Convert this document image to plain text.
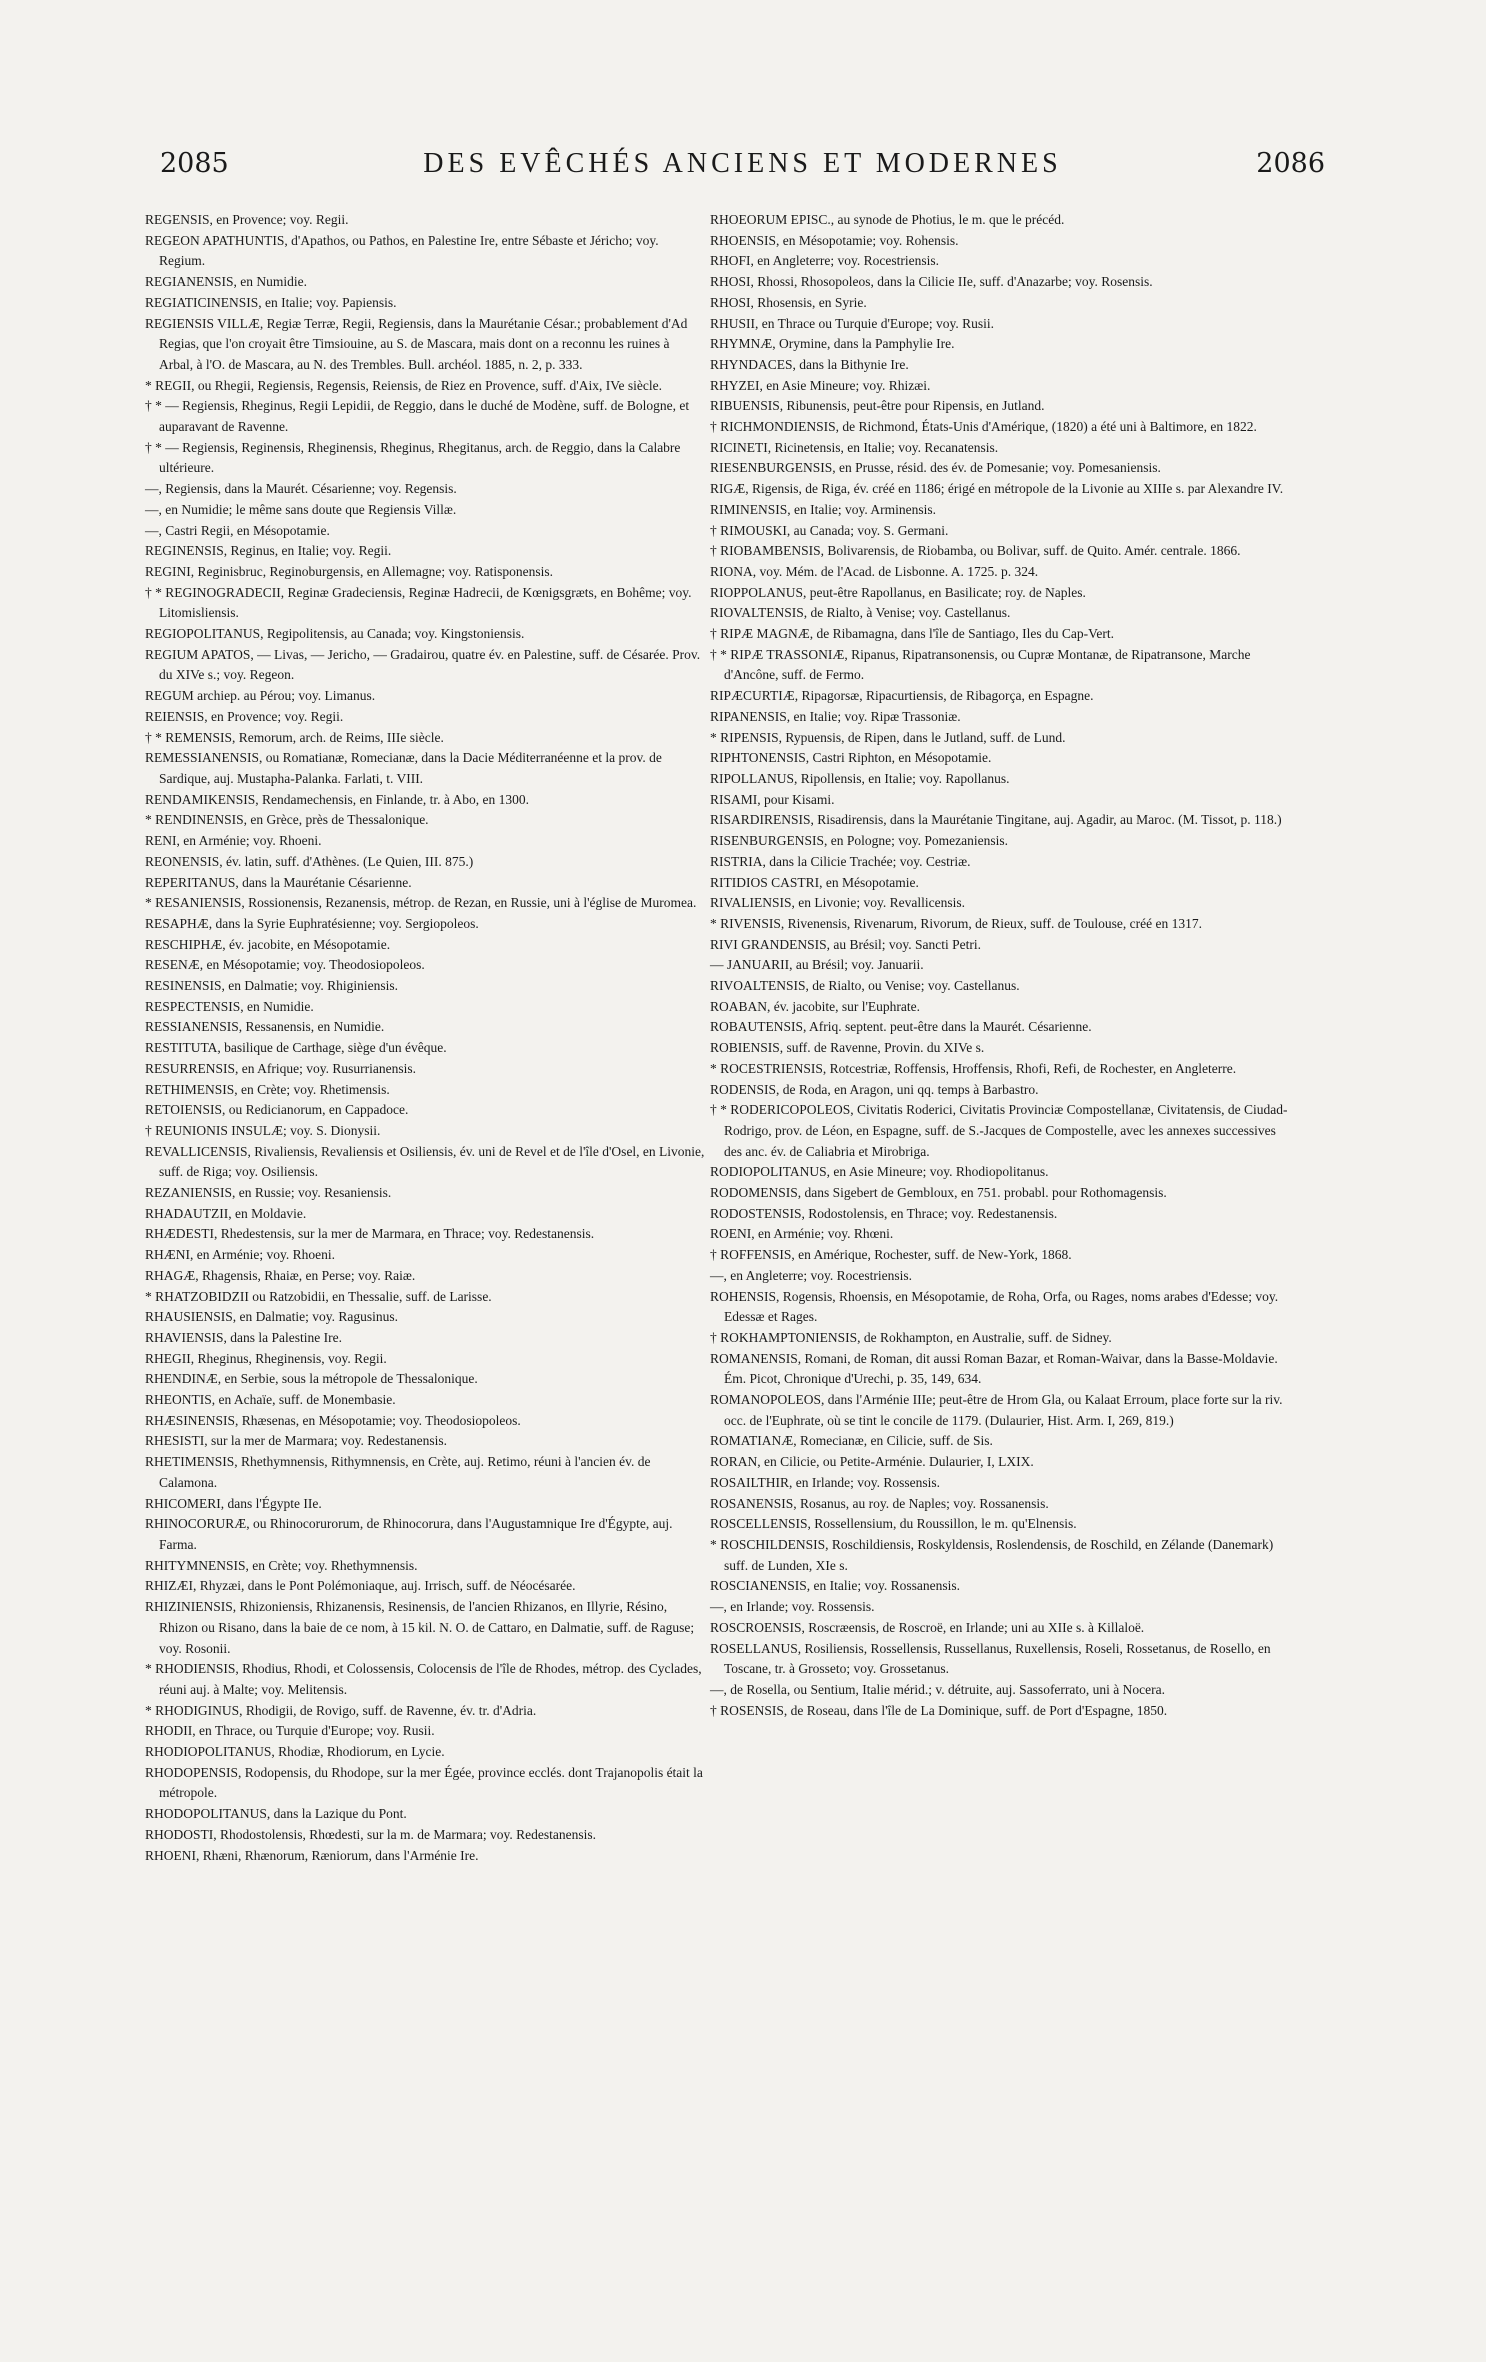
2085	DES EVÊCHÉS ANCIENS ET MODERNES	2086

REGENSIS, en Provence; voy. Regii.

REGEON APATHUNTIS, d'Apathos, ou Pathos, en Palestine Ire, entre Sébaste et Jéricho; voy. Regium.

REGIANENSIS, en Numidie.

REGIATICINENSIS, en Italie; voy. Papiensis.

REGIENSIS VILLÆ, Regiæ Terræ, Regii, Regiensis, dans la Maurétanie César.; probablement d'Ad Regias, que l'on croyait être Timsiouine, au S. de Mascara, mais dont on a reconnu les ruines à Arbal, à l'O. de Mascara, au N. des Trembles. Bull. archéol. 1885, n. 2, p. 333.

* REGII, ou Rhegii, Regiensis, Regensis, Reiensis, de Riez en Provence, suff. d'Aix, IVe siècle.

† * — Regiensis, Rheginus, Regii Lepidii, de Reggio, dans le duché de Modène, suff. de Bologne, et auparavant de Ravenne.

† * — Regiensis, Reginensis, Rheginensis, Rheginus, Rhegitanus, arch. de Reggio, dans la Calabre ultérieure.

—, Regiensis, dans la Maurét. Césarienne; voy. Regensis.

—, en Numidie; le même sans doute que Regiensis Villæ.

—, Castri Regii, en Mésopotamie.

REGINENSIS, Reginus, en Italie; voy. Regii.

REGINI, Reginisbruc, Reginoburgensis, en Allemagne; voy. Ratisponensis.

† * REGINOGRADECII, Reginæ Gradeciensis, Reginæ Hadrecii, de Kœnigsgræts, en Bohême; voy. Litomisliensis.

REGIOPOLITANUS, Regipolitensis, au Canada; voy. Kingstoniensis.

REGIUM APATOS, — Livas, — Jericho, — Gradairou, quatre év. en Palestine, suff. de Césarée. Prov. du XIVe s.; voy. Regeon.

REGUM archiep. au Pérou; voy. Limanus.

REIENSIS, en Provence; voy. Regii.

† * REMENSIS, Remorum, arch. de Reims, IIIe siècle.

REMESSIANENSIS, ou Romatianæ, Romecianæ, dans la Dacie Méditerranéenne et la prov. de Sardique, auj. Mustapha-Palanka. Farlati, t. VIII.

RENDAMIKENSIS, Rendamechensis, en Finlande, tr. à Abo, en 1300.

* RENDINENSIS, en Grèce, près de Thessalonique.

RENI, en Arménie; voy. Rhoeni.

REONENSIS, év. latin, suff. d'Athènes. (Le Quien, III. 875.)

REPERITANUS, dans la Maurétanie Césarienne.

* RESANIENSIS, Rossionensis, Rezanensis, métrop. de Rezan, en Russie, uni à l'église de Muromea.

RESAPHÆ, dans la Syrie Euphratésienne; voy. Sergiopoleos.

RESCHIPHÆ, év. jacobite, en Mésopotamie.

RESENÆ, en Mésopotamie; voy. Theodosiopoleos.

RESINENSIS, en Dalmatie; voy. Rhiginiensis.

RESPECTENSIS, en Numidie.

RESSIANENSIS, Ressanensis, en Numidie.

RESTITUTA, basilique de Carthage, siège d'un évêque.

RESURRENSIS, en Afrique; voy. Rusurrianensis.

RETHIMENSIS, en Crète; voy. Rhetimensis.

RETOIENSIS, ou Redicianorum, en Cappadoce.

† REUNIONIS INSULÆ; voy. S. Dionysii.

REVALLICENSIS, Rivaliensis, Revaliensis et Osiliensis, év. uni de Revel et de l'île d'Osel, en Livonie, suff. de Riga; voy. Osiliensis.

REZANIENSIS, en Russie; voy. Resaniensis.

RHADAUTZII, en Moldavie.

RHÆDESTI, Rhedestensis, sur la mer de Marmara, en Thrace; voy. Redestanensis.

RHÆNI, en Arménie; voy. Rhoeni.

RHAGÆ, Rhagensis, Rhaiæ, en Perse; voy. Raiæ.

* RHATZOBIDZII ou Ratzobidii, en Thessalie, suff. de Larisse.

RHAUSIENSIS, en Dalmatie; voy. Ragusinus.

RHAVIENSIS, dans la Palestine Ire.

RHEGII, Rheginus, Rheginensis, voy. Regii.

RHENDINÆ, en Serbie, sous la métropole de Thessalonique.

RHEONTIS, en Achaïe, suff. de Monembasie.

RHÆSINENSIS, Rhæsenas, en Mésopotamie; voy. Theodosiopoleos.

RHESISTI, sur la mer de Marmara; voy. Redestanensis.

RHETIMENSIS, Rhethymnensis, Rithymnensis, en Crète, auj. Retimo, réuni à l'ancien év. de Calamona.

RHICOMERI, dans l'Égypte IIe.

RHINOCORURÆ, ou Rhinocorurorum, de Rhinocorura, dans l'Augustamnique Ire d'Égypte, auj. Farma.

RHITYMNENSIS, en Crète; voy. Rhethymnensis.

RHIZÆI, Rhyzæi, dans le Pont Polémoniaque, auj. Irrisch, suff. de Néocésarée.

RHIZINIENSIS, Rhizoniensis, Rhizanensis, Resinensis, de l'ancien Rhizanos, en Illyrie, Résino, Rhizon ou Risano, dans la baie de ce nom, à 15 kil. N. O. de Cattaro, en Dalmatie, suff. de Raguse; voy. Rosonii.

* RHODIENSIS, Rhodius, Rhodi, et Colossensis, Colocensis de l'île de Rhodes, métrop. des Cyclades, réuni auj. à Malte; voy. Melitensis.

* RHODIGINUS, Rhodigii, de Rovigo, suff. de Ravenne, év. tr. d'Adria.

RHODII, en Thrace, ou Turquie d'Europe; voy. Rusii.

RHODIOPOLITANUS, Rhodiæ, Rhodiorum, en Lycie.

RHODOPENSIS, Rodopensis, du Rhodope, sur la mer Égée, province ecclés. dont Trajanopolis était la métropole.

RHODOPOLITANUS, dans la Lazique du Pont.

RHODOSTI, Rhodostolensis, Rhœdesti, sur la m. de Marmara; voy. Redestanensis.

RHOENI, Rhæni, Rhænorum, Ræniorum, dans l'Arménie Ire.

RHOEORUM EPISC., au synode de Photius, le m. que le précéd.

RHOENSIS, en Mésopotamie; voy. Rohensis.

RHOFI, en Angleterre; voy. Rocestriensis.

RHOSI, Rhossi, Rhosopoleos, dans la Cilicie IIe, suff. d'Anazarbe; voy. Rosensis.

RHOSI, Rhosensis, en Syrie.

RHUSII, en Thrace ou Turquie d'Europe; voy. Rusii.

RHYMNÆ, Orymine, dans la Pamphylie Ire.

RHYNDACES, dans la Bithynie Ire.

RHYZEI, en Asie Mineure; voy. Rhizæi.

RIBUENSIS, Ribunensis, peut-être pour Ripensis, en Jutland.

† RICHMONDIENSIS, de Richmond, États-Unis d'Amérique, (1820) a été uni à Baltimore, en 1822.

RICINETI, Ricinetensis, en Italie; voy. Recanatensis.

RIESENBURGENSIS, en Prusse, résid. des év. de Pomesanie; voy. Pomesaniensis.

RIGÆ, Rigensis, de Riga, év. créé en 1186; érigé en métropole de la Livonie au XIIIe s. par Alexandre IV.

RIMINENSIS, en Italie; voy. Arminensis.

† RIMOUSKI, au Canada; voy. S. Germani.

† RIOBAMBENSIS, Bolivarensis, de Riobamba, ou Bolivar, suff. de Quito. Amér. centrale. 1866.

RIONA, voy. Mém. de l'Acad. de Lisbonne. A. 1725. p. 324.

RIOPPOLANUS, peut-être Rapollanus, en Basilicate; roy. de Naples.

RIOVALTENSIS, de Rialto, à Venise; voy. Castellanus.

† RIPÆ MAGNÆ, de Ribamagna, dans l'île de Santiago, Iles du Cap-Vert.

† * RIPÆ TRASSONIÆ, Ripanus, Ripatransonensis, ou Cupræ Montanæ, de Ripatransone, Marche d'Ancône, suff. de Fermo.

RIPÆCURTIÆ, Ripagorsæ, Ripacurtiensis, de Ribagorça, en Espagne.

RIPANENSIS, en Italie; voy. Ripæ Trassoniæ.

* RIPENSIS, Rypuensis, de Ripen, dans le Jutland, suff. de Lund.

RIPHTONENSIS, Castri Riphton, en Mésopotamie.

RIPOLLANUS, Ripollensis, en Italie; voy. Rapollanus.

RISAMI, pour Kisami.

RISARDIRENSIS, Risadirensis, dans la Maurétanie Tingitane, auj. Agadir, au Maroc. (M. Tissot, p. 118.)

RISENBURGENSIS, en Pologne; voy. Pomezaniensis.

RISTRIA, dans la Cilicie Trachée; voy. Cestriæ.

RITIDIOS CASTRI, en Mésopotamie.

RIVALIENSIS, en Livonie; voy. Revallicensis.

* RIVENSIS, Rivenensis, Rivenarum, Rivorum, de Rieux, suff. de Toulouse, créé en 1317.

RIVI GRANDENSIS, au Brésil; voy. Sancti Petri.

— JANUARII, au Brésil; voy. Januarii.

RIVOALTENSIS, de Rialto, ou Venise; voy. Castellanus.

ROABAN, év. jacobite, sur l'Euphrate.

ROBAUTENSIS, Afriq. septent. peut-être dans la Maurét. Césarienne.

ROBIENSIS, suff. de Ravenne, Provin. du XIVe s.

* ROCESTRIENSIS, Rotcestriæ, Roffensis, Hroffensis, Rhofi, Refi, de Rochester, en Angleterre.

RODENSIS, de Roda, en Aragon, uni qq. temps à Barbastro.

† * RODERICOPOLEOS, Civitatis Roderici, Civitatis Provinciæ Compostellanæ, Civitatensis, de Ciudad-Rodrigo, prov. de Léon, en Espagne, suff. de S.-Jacques de Compostelle, avec les annexes successives des anc. év. de Caliabria et Mirobriga.

RODIOPOLITANUS, en Asie Mineure; voy. Rhodiopolitanus.

RODOMENSIS, dans Sigebert de Gembloux, en 751. probabl. pour Rothomagensis.

RODOSTENSIS, Rodostolensis, en Thrace; voy. Redestanensis.

ROENI, en Arménie; voy. Rhœni.

† ROFFENSIS, en Amérique, Rochester, suff. de New-York, 1868.

—, en Angleterre; voy. Rocestriensis.

ROHENSIS, Rogensis, Rhoensis, en Mésopotamie, de Roha, Orfa, ou Rages, noms arabes d'Edesse; voy. Edessæ et Rages.

† ROKHAMPTONIENSIS, de Rokhampton, en Australie, suff. de Sidney.

ROMANENSIS, Romani, de Roman, dit aussi Roman Bazar, et Roman-Waivar, dans la Basse-Moldavie. Ém. Picot, Chronique d'Urechi, p. 35, 149, 634.

ROMANOPOLEOS, dans l'Arménie IIIe; peut-être de Hrom Gla, ou Kalaat Erroum, place forte sur la riv. occ. de l'Euphrate, où se tint le concile de 1179. (Dulaurier, Hist. Arm. I, 269, 819.)

ROMATIANÆ, Romecianæ, en Cilicie, suff. de Sis.

RORAN, en Cilicie, ou Petite-Arménie. Dulaurier, I, LXIX.

ROSAILTHIR, en Irlande; voy. Rossensis.

ROSANENSIS, Rosanus, au roy. de Naples; voy. Rossanensis.

ROSCELLENSIS, Rossellensium, du Roussillon, le m. qu'Elnensis.

* ROSCHILDENSIS, Roschildiensis, Roskyldensis, Roslendensis, de Roschild, en Zélande (Danemark) suff. de Lunden, XIe s.

ROSCIANENSIS, en Italie; voy. Rossanensis.

—, en Irlande; voy. Rossensis.

ROSCROENSIS, Roscræensis, de Roscroë, en Irlande; uni au XIIe s. à Killaloë.

ROSELLANUS, Rosiliensis, Rossellensis, Russellanus, Ruxellensis, Roseli, Rossetanus, de Rosello, en Toscane, tr. à Grosseto; voy. Grossetanus.

—, de Rosella, ou Sentium, Italie mérid.; v. détruite, auj. Sassoferrato, uni à Nocera.

† ROSENSIS, de Roseau, dans l'île de La Dominique, suff. de Port d'Espagne, 1850.
